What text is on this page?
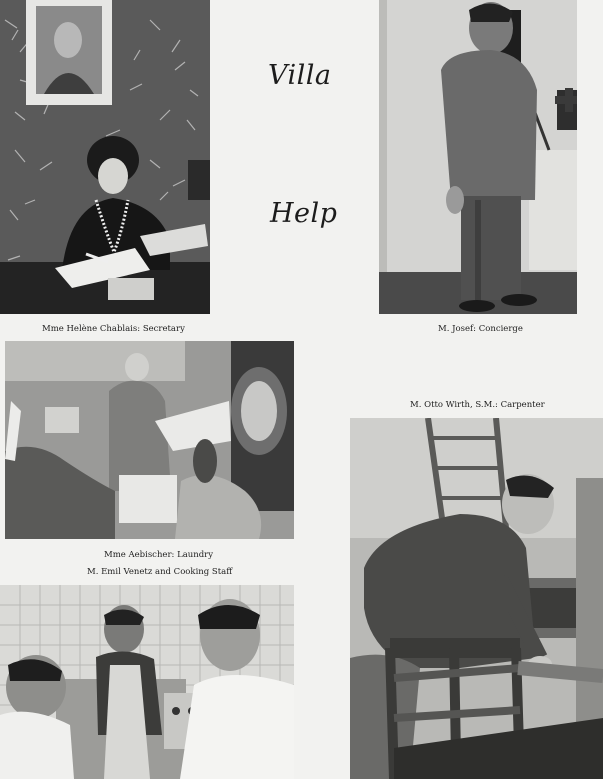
Villa
Help
Mme Helène Chablais: Secretary	M. Josef: Concierge
Mme Aebischer: Laundry
M. Otto Wirth, S.M.: Carpenter
M. Emil Venetz and Cooking Staff
